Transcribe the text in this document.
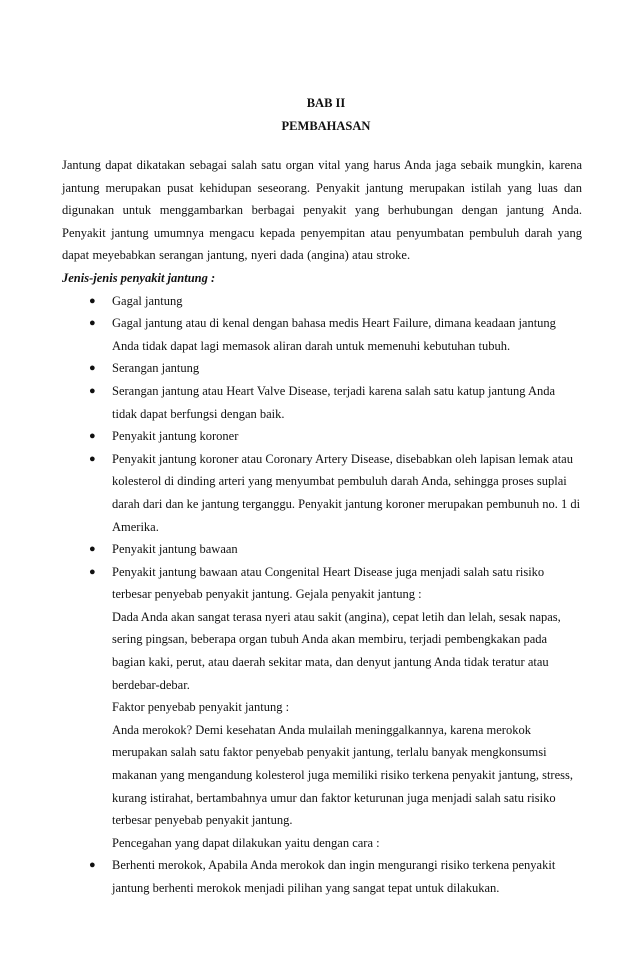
BAB II
PEMBAHASAN

Jantung dapat dikatakan sebagai salah satu organ vital yang harus Anda jaga sebaik mungkin, karena jantung merupakan pusat kehidupan seseorang. Penyakit jantung merupakan istilah yang luas dan digunakan untuk menggambarkan berbagai penyakit yang berhubungan dengan jantung Anda. Penyakit jantung umumnya mengacu kepada penyempitan atau penyumbatan pembuluh darah yang dapat meyebabkan serangan jantung, nyeri dada (angina) atau stroke.

Jenis-jenis penyakit jantung :

● Gagal jantung

● Gagal jantung atau di kenal dengan bahasa medis Heart Failure, dimana keadaan jantung Anda tidak dapat lagi memasok aliran darah untuk memenuhi kebutuhan tubuh.

● Serangan jantung

● Serangan jantung atau Heart Valve Disease, terjadi karena salah satu katup jantung Anda tidak dapat berfungsi dengan baik.

● Penyakit jantung koroner

● Penyakit jantung koroner atau Coronary Artery Disease, disebabkan oleh lapisan lemak atau kolesterol di dinding arteri yang menyumbat pembuluh darah Anda, sehingga proses suplai darah dari dan ke jantung terganggu. Penyakit jantung koroner merupakan pembunuh no. 1 di Amerika.

● Penyakit jantung bawaan

● Penyakit jantung bawaan atau Congenital Heart Disease juga menjadi salah satu risiko terbesar penyebab penyakit jantung. Gejala penyakit jantung :

Dada Anda akan sangat terasa nyeri atau sakit (angina), cepat letih dan lelah, sesak napas, sering pingsan, beberapa organ tubuh Anda akan membiru, terjadi pembengkakan pada bagian kaki, perut, atau daerah sekitar mata, dan denyut jantung Anda tidak teratur atau berdebar-debar.

Faktor penyebab penyakit jantung :

Anda merokok? Demi kesehatan Anda mulailah meninggalkannya, karena merokok merupakan salah satu faktor penyebab penyakit jantung, terlalu banyak mengkonsumsi makanan yang mengandung kolesterol juga memiliki risiko terkena penyakit jantung, stress, kurang istirahat, bertambahnya umur dan faktor keturunan juga menjadi salah satu risiko terbesar penyebab penyakit jantung.

Pencegahan yang dapat dilakukan yaitu dengan cara :

● Berhenti merokok, Apabila Anda merokok dan ingin mengurangi risiko terkena penyakit jantung berhenti merokok menjadi pilihan yang sangat tepat untuk dilakukan.
